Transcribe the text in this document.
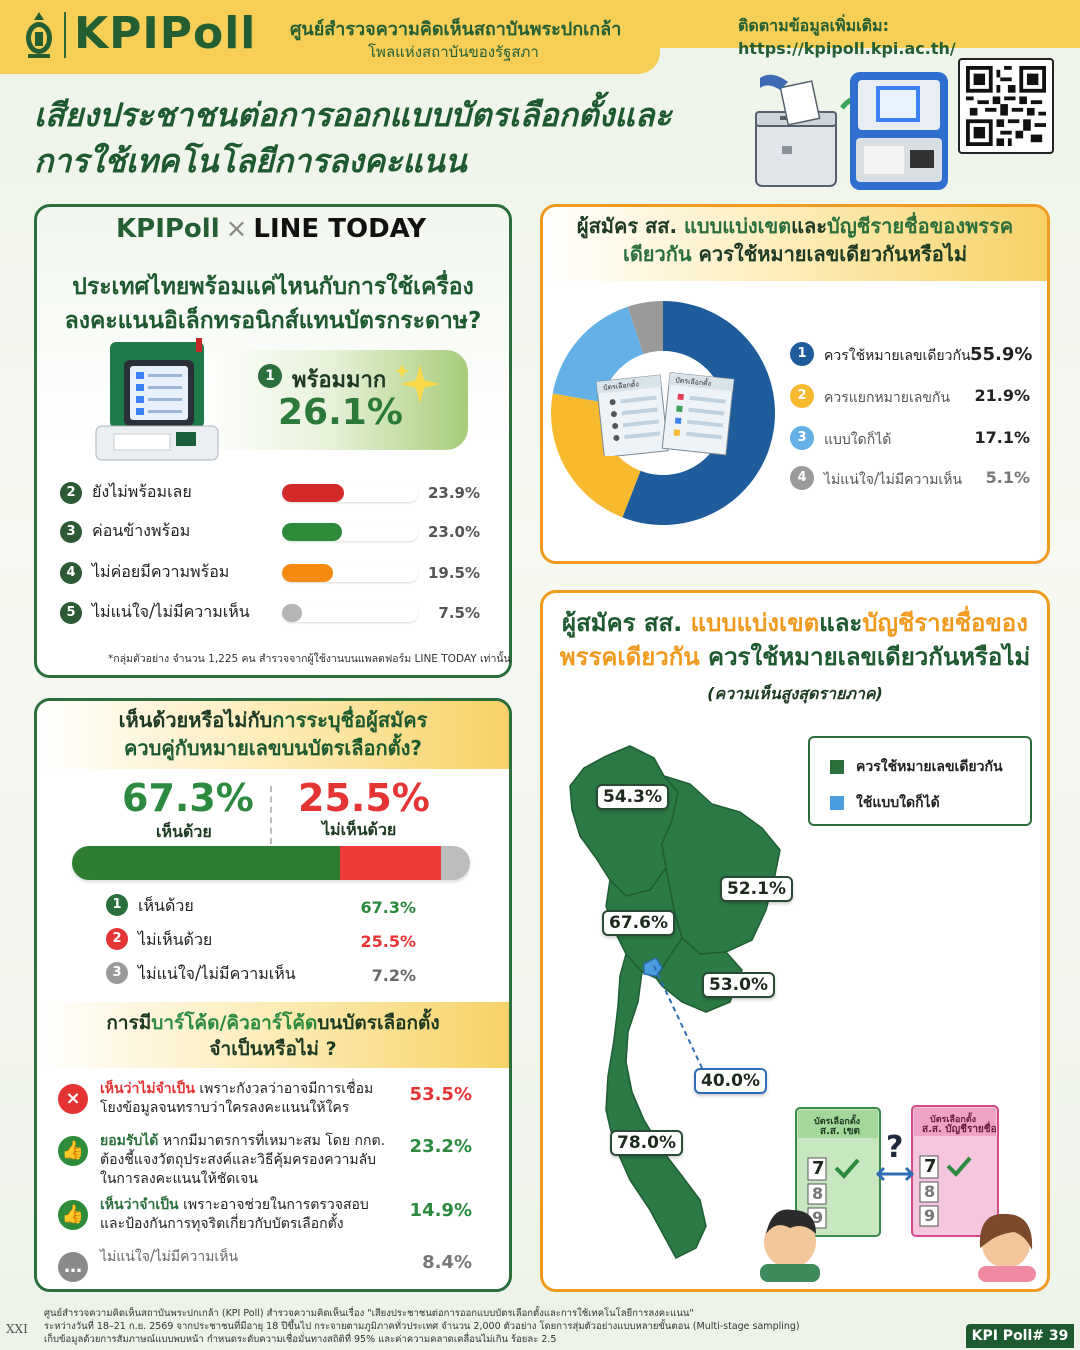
KPIPoll ศูนย์สำรวจความคิดเห็นสถาบันพระปกเกล้า
โพลแห่งสถาบันของรัฐสภา
ติดตามข้อมูลเพิ่มเติม: https://kpipoll.kpi.ac.th/
เสียงประชาชนต่อการออกแบบบัตรเลือกตั้งและ
การใช้เทคโนโลยีการลงคะแนน
KPIPoll × LINE TODAY
ประเทศไทยพร้อมแค่ไหนกับการใช้เครื่อง
ลงคะแนนอิเล็กทรอนิกส์แทนบัตรกระดาษ?
1 พร้อมมาก
26.1%
2	ยังไม่พร้อมเลย	23.9%
3	ค่อนข้างพร้อม	23.0%
4	ไม่ค่อยมีความพร้อม	19.5%
5	ไม่แน่ใจ/ไม่มีความเห็น	7.5%
*กลุ่มตัวอย่าง จำนวน 1,225 คน สำรวจจากผู้ใช้งานบนแพลตฟอร์ม LINE TODAY เท่านั้น
เห็นด้วยหรือไม่กับการระบุชื่อผู้สมัคร
ควบคู่กับหมายเลขบนบัตรเลือกตั้ง?
67.3%
เห็นด้วย
25.5%
ไม่เห็นด้วย
1	เห็นด้วย	67.3%
2	ไม่เห็นด้วย	25.5%
3	ไม่แน่ใจ/ไม่มีความเห็น	7.2%
การมีบาร์โค้ด/คิวอาร์โค้ดบนบัตรเลือกตั้ง
จำเป็นหรือไม่ ?
×	เห็นว่าไม่จำเป็น เพราะกังวลว่าอาจมีการเชื่อมโยงข้อมูลจนทราบว่าใครลงคะแนนให้ใคร
53.5%
👍 ยอมรับได้ หากมีมาตรการที่เหมาะสม โดย กกต. ต้องชี้แจงวัตถุประสงค์และวิธีคุ้มครองความลับในการลงคะแนนให้ชัดเจน
23.2%
👍 เห็นว่าจำเป็น เพราะอาจช่วยในการตรวจสอบและป้องกันการทุจริตเกี่ยวกับบัตรเลือกตั้ง
14.9%
…	ไม่แน่ใจ/ไม่มีความเห็น	8.4%
ผู้สมัคร สส. แบบแบ่งเขตและบัญชีรายชื่อของพรรค
เดียวกัน ควรใช้หมายเลขเดียวกันหรือไม่
บัตรเลือกตั้ง	บัตรเลือกตั้ง
1	ควรใช้หมายเลขเดียวกัน 55.9%
2	ควรแยกหมายเลขกัน 21.9%
3	แบบใดก็ได้	17.1%
4	ไม่แน่ใจ/ไม่มีความเห็น	5.1%
ผู้สมัคร สส. แบบแบ่งเขตและบัญชีรายชื่อของ
พรรคเดียวกัน ควรใช้หมายเลขเดียวกันหรือไม่
(ความเห็นสูงสุดรายภาค)
ควรใช้หมายเลขเดียวกัน
ใช้แบบใดก็ได้
54.3%
52.1%
67.6%
53.0%
40.0%
78.0%
บัตรเลือกตั้ง
ส.ส. เขต
บัตรเลือกตั้ง
ส.ส. บัญชีรายชื่อ
7
8
9
7
8
9
?
XXI
ศูนย์สำรวจความคิดเห็นสถาบันพระปกเกล้า (KPI Poll) สำรวจความคิดเห็นเรื่อง "เสียงประชาชนต่อการออกแบบบัตรเลือกตั้งและการใช้เทคโนโลยีการลงคะแนน"
ระหว่างวันที่ 18–21 ก.ย. 2569 จากประชาชนที่มีอายุ 18 ปีขึ้นไป กระจายตามภูมิภาคทั่วประเทศ จำนวน 2,000 ตัวอย่าง โดยการสุ่มตัวอย่างแบบหลายขั้นตอน (Multi-stage sampling)
เก็บข้อมูลด้วยการสัมภาษณ์แบบพบหน้า กำหนดระดับความเชื่อมั่นทางสถิติที่ 95% และค่าความคลาดเคลื่อนไม่เกิน ร้อยละ 2.5	KPI Poll# 39
